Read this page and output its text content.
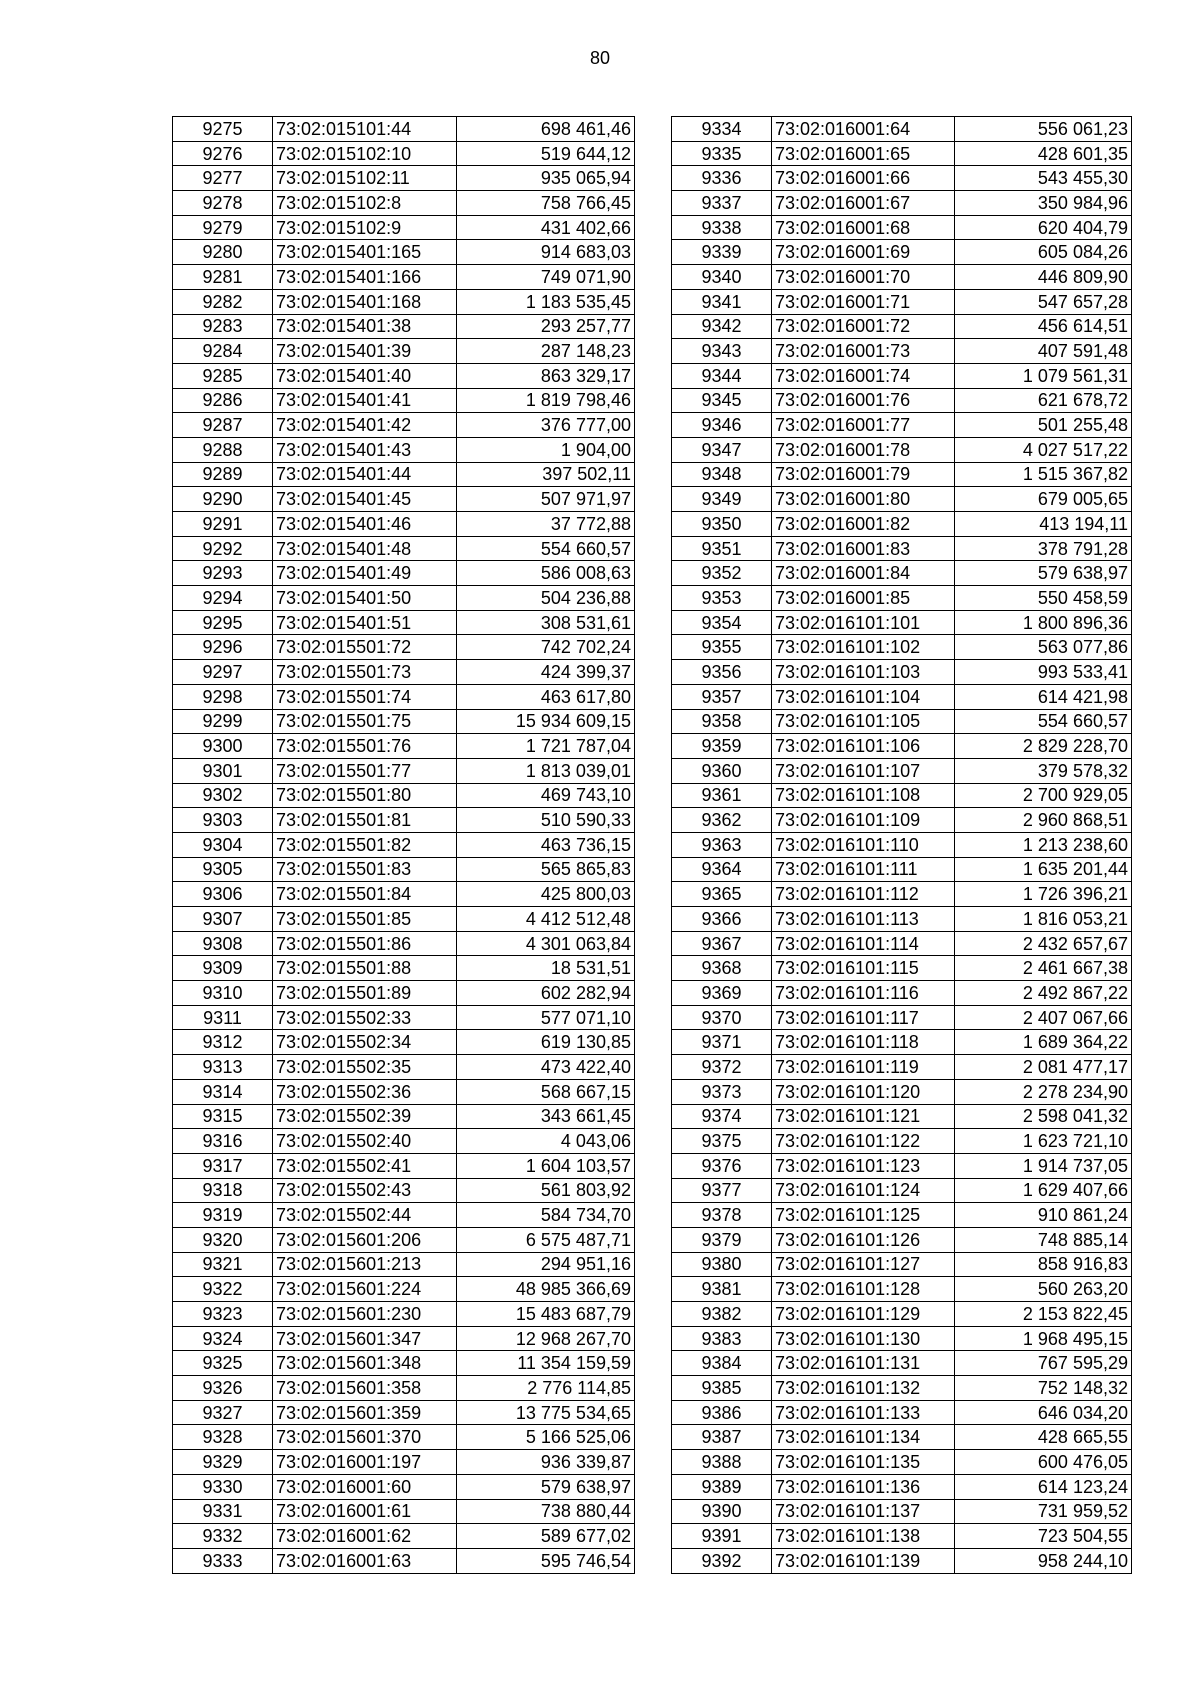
80
9275	73:02:015101:44	698 461,46
9276	73:02:015102:10	519 644,12
9277	73:02:015102:11	935 065,94
9278	73:02:015102:8	758 766,45
9279	73:02:015102:9	431 402,66
9280	73:02:015401:165	914 683,03
9281	73:02:015401:166	749 071,90
9282	73:02:015401:168	1 183 535,45
9283	73:02:015401:38	293 257,77
9284	73:02:015401:39	287 148,23
9285	73:02:015401:40	863 329,17
9286	73:02:015401:41	1 819 798,46
9287	73:02:015401:42	376 777,00
9288	73:02:015401:43	1 904,00
9289	73:02:015401:44	397 502,11
9290	73:02:015401:45	507 971,97
9291	73:02:015401:46	37 772,88
9292	73:02:015401:48	554 660,57
9293	73:02:015401:49	586 008,63
9294	73:02:015401:50	504 236,88
9295	73:02:015401:51	308 531,61
9296	73:02:015501:72	742 702,24
9297	73:02:015501:73	424 399,37
9298	73:02:015501:74	463 617,80
9299	73:02:015501:75	15 934 609,15
9300	73:02:015501:76	1 721 787,04
9301	73:02:015501:77	1 813 039,01
9302	73:02:015501:80	469 743,10
9303	73:02:015501:81	510 590,33
9304	73:02:015501:82	463 736,15
9305	73:02:015501:83	565 865,83
9306	73:02:015501:84	425 800,03
9307	73:02:015501:85	4 412 512,48
9308	73:02:015501:86	4 301 063,84
9309	73:02:015501:88	18 531,51
9310	73:02:015501:89	602 282,94
9311	73:02:015502:33	577 071,10
9312	73:02:015502:34	619 130,85
9313	73:02:015502:35	473 422,40
9314	73:02:015502:36	568 667,15
9315	73:02:015502:39	343 661,45
9316	73:02:015502:40	4 043,06
9317	73:02:015502:41	1 604 103,57
9318	73:02:015502:43	561 803,92
9319	73:02:015502:44	584 734,70
9320	73:02:015601:206	6 575 487,71
9321	73:02:015601:213	294 951,16
9322	73:02:015601:224	48 985 366,69
9323	73:02:015601:230	15 483 687,79
9324	73:02:015601:347	12 968 267,70
9325	73:02:015601:348	11 354 159,59
9326	73:02:015601:358	2 776 114,85
9327	73:02:015601:359	13 775 534,65
9328	73:02:015601:370	5 166 525,06
9329	73:02:016001:197	936 339,87
9330	73:02:016001:60	579 638,97
9331	73:02:016001:61	738 880,44
9332	73:02:016001:62	589 677,02
9333	73:02:016001:63	595 746,54
9334	73:02:016001:64	556 061,23
9335	73:02:016001:65	428 601,35
9336	73:02:016001:66	543 455,30
9337	73:02:016001:67	350 984,96
9338	73:02:016001:68	620 404,79
9339	73:02:016001:69	605 084,26
9340	73:02:016001:70	446 809,90
9341	73:02:016001:71	547 657,28
9342	73:02:016001:72	456 614,51
9343	73:02:016001:73	407 591,48
9344	73:02:016001:74	1 079 561,31
9345	73:02:016001:76	621 678,72
9346	73:02:016001:77	501 255,48
9347	73:02:016001:78	4 027 517,22
9348	73:02:016001:79	1 515 367,82
9349	73:02:016001:80	679 005,65
9350	73:02:016001:82	413 194,11
9351	73:02:016001:83	378 791,28
9352	73:02:016001:84	579 638,97
9353	73:02:016001:85	550 458,59
9354	73:02:016101:101	1 800 896,36
9355	73:02:016101:102	563 077,86
9356	73:02:016101:103	993 533,41
9357	73:02:016101:104	614 421,98
9358	73:02:016101:105	554 660,57
9359	73:02:016101:106	2 829 228,70
9360	73:02:016101:107	379 578,32
9361	73:02:016101:108	2 700 929,05
9362	73:02:016101:109	2 960 868,51
9363	73:02:016101:110	1 213 238,60
9364	73:02:016101:111	1 635 201,44
9365	73:02:016101:112	1 726 396,21
9366	73:02:016101:113	1 816 053,21
9367	73:02:016101:114	2 432 657,67
9368	73:02:016101:115	2 461 667,38
9369	73:02:016101:116	2 492 867,22
9370	73:02:016101:117	2 407 067,66
9371	73:02:016101:118	1 689 364,22
9372	73:02:016101:119	2 081 477,17
9373	73:02:016101:120	2 278 234,90
9374	73:02:016101:121	2 598 041,32
9375	73:02:016101:122	1 623 721,10
9376	73:02:016101:123	1 914 737,05
9377	73:02:016101:124	1 629 407,66
9378	73:02:016101:125	910 861,24
9379	73:02:016101:126	748 885,14
9380	73:02:016101:127	858 916,83
9381	73:02:016101:128	560 263,20
9382	73:02:016101:129	2 153 822,45
9383	73:02:016101:130	1 968 495,15
9384	73:02:016101:131	767 595,29
9385	73:02:016101:132	752 148,32
9386	73:02:016101:133	646 034,20
9387	73:02:016101:134	428 665,55
9388	73:02:016101:135	600 476,05
9389	73:02:016101:136	614 123,24
9390	73:02:016101:137	731 959,52
9391	73:02:016101:138	723 504,55
9392	73:02:016101:139	958 244,10
